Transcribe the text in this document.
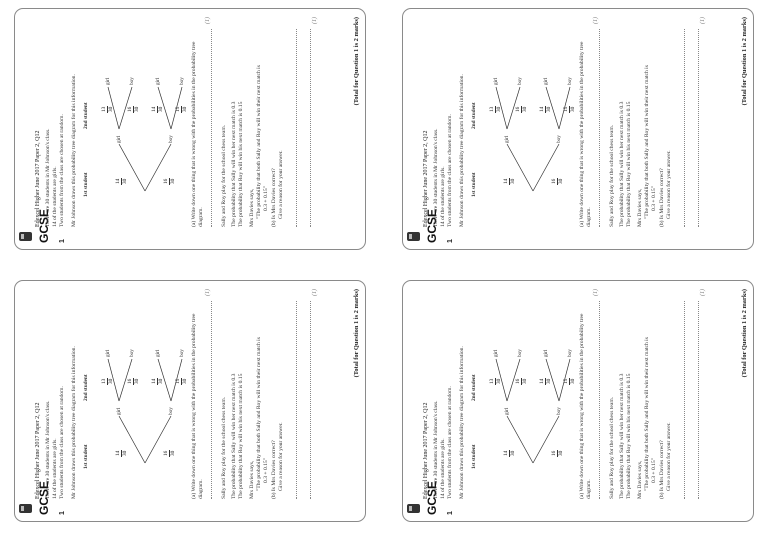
GCSE 1
Edexcel Higher June 2017 Paper 2, Q12 There are 30 students in Mr Johnson's class. 14 of the students are girls. Two students from the class are chosen at random. Mr Johnson draws this probability tree diagram for this information. 1st student
2nd student
girl	boy
girl	boy	girl	boy
14 30	16 30
13 30 16 30 14 30 15 30 (a) Write down one thing that is wrong with the probabilities in the probability tree diagram.
(1)
Sally and Roy play for the school chess team. The probability that Sally will win her next match is 0.3 The probability that Roy will win his next match is 0.15 Mrs Davies says, "The probability that both Sally and Roy will win their next match is 0.3 + 0.15" (b) Is Mrs Davies correct? Give a reason for your answer.
(1)	(Total for Question 1 is 2 marks)
GCSE 1
Edexcel Higher June 2017 Paper 2, Q12 There are 30 students in Mr Johnson's class. 14 of the students are girls. Two students from the class are chosen at random. Mr Johnson draws this probability tree diagram for this information. 1st student
2nd student
girl	boy
girl	boy	girl	boy
14 30	16 30
13 30 16 30 14 30 15 30 (a) Write down one thing that is wrong with the probabilities in the probability tree diagram.
(1)
Sally and Roy play for the school chess team. The probability that Sally will win her next match is 0.3 The probability that Roy will win his next match is 0.15 Mrs Davies says, "The probability that both Sally and Roy will win their next match is 0.3 + 0.15" (b) Is Mrs Davies correct? Give a reason for your answer.
(1)	(Total for Question 1 is 2 marks)
GCSE 1
Edexcel Higher June 2017 Paper 2, Q12 There are 30 students in Mr Johnson's class. 14 of the students are girls. Two students from the class are chosen at random. Mr Johnson draws this probability tree diagram for this information. 1st student
2nd student
girl	boy
girl	boy	girl	boy
14 30	16 30
13 30 16 30 14 30 15 30 (a) Write down one thing that is wrong with the probabilities in the probability tree diagram.
(1)
Sally and Roy play for the school chess team. The probability that Sally will win her next match is 0.3 The probability that Roy will win his next match is 0.15 Mrs Davies says, "The probability that both Sally and Roy will win their next match is 0.3 + 0.15" (b) Is Mrs Davies correct? Give a reason for your answer.
(1)	(Total for Question 1 is 2 marks)
GCSE 1
Edexcel Higher June 2017 Paper 2, Q12 There are 30 students in Mr Johnson's class. 14 of the students are girls. Two students from the class are chosen at random. Mr Johnson draws this probability tree diagram for this information. 1st student
2nd student
girl	boy
girl	boy	girl	boy
14 30	16 30
13 30 16 30 14 30 15 30 (a) Write down one thing that is wrong with the probabilities in the probability tree diagram.
(1)
Sally and Roy play for the school chess team. The probability that Sally will win her next match is 0.3 The probability that Roy will win his next match is 0.15 Mrs Davies says, "The probability that both Sally and Roy will win their next match is 0.3 + 0.15" (b) Is Mrs Davies correct? Give a reason for your answer.
(1)	(Total for Question 1 is 2 marks)
